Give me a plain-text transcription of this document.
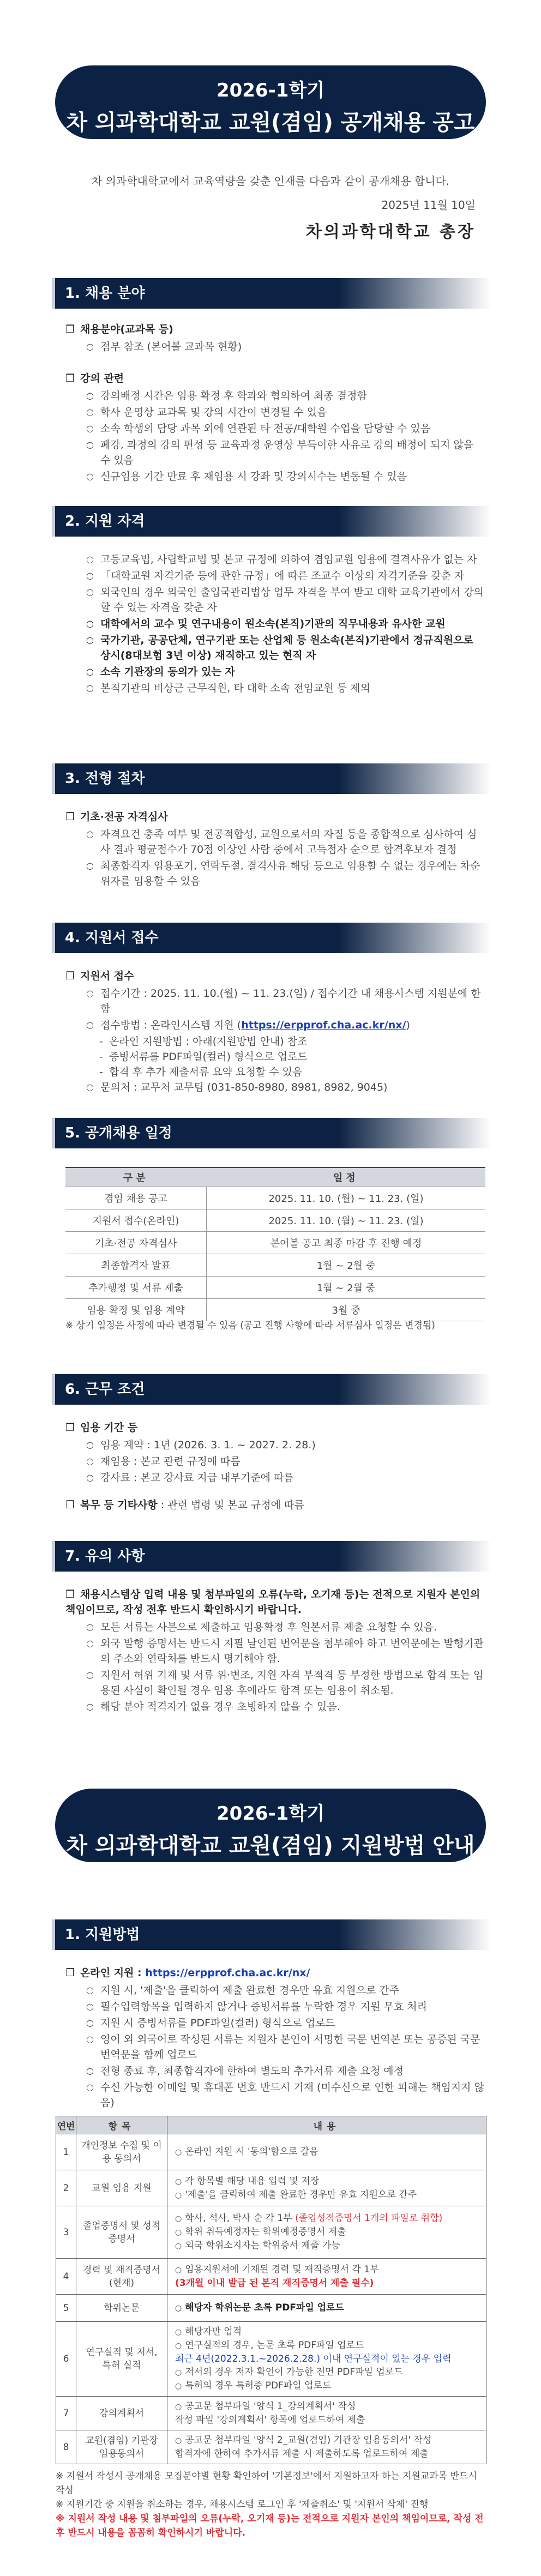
2026-1학기
차 의과학대학교 교원(겸임) 공개채용 공고
차 의과학대학교에서 교육역량을 갖춘 인재를 다음과 같이 공개채용 합니다.
2025년 11월 10일
차의과학대학교 총장
1. 채용 분야
❐ 채용분야(교과목 등)
○ 점부 참조 (본어볼 교과목 현황)
❐ 강의 관련
○ 강의배정 시간은 임용 확정 후 학과와 협의하여 최종 결정함
○ 학사 운영상 교과목 및 강의 시간이 변경될 수 있음
○ 소속 학생의 담당 과목 외에 연관된 타 전공/대학원 수업을 담당할 수 있음
○ 폐강, 과정의 강의 편성 등 교육과정 운영상 부득이한 사유로 강의 배정이 되지 않을 수 있음
○ 신규임용 기간 만료 후 재임용 시 강좌 및 강의시수는 변동될 수 있음
2. 지원 자격
○ 고등교육법, 사립학교법 및 본교 규정에 의하여 겸임교원 임용에 결격사유가 없는 자
○ 「대학교원 자격기준 등에 관한 규정」에 따른 조교수 이상의 자격기준을 갖춘 자
○ 외국인의 경우 외국인 출입국관리법상 업무 자격을 부여 받고 대학 교육기관에서 강의할 수 있는 자격을 갖춘 자
○ 대학에서의 교수 및 연구내용이 원소속(본직)기관의 직무내용과 유사한 교원
○ 국가기관, 공공단체, 연구기관 또는 산업체 등 원소속(본직)기관에서 정규직원으로 상시(8대보험 3년 이상) 재직하고 있는 현직 자
○ 소속 기관장의 동의가 있는 자
○ 본직기관의 비상근 근무직원, 타 대학 소속 전임교원 등 제외
3. 전형 절차
❐ 기초·전공 자격심사
○ 자격요건 충족 여부 및 전공적합성, 교원으로서의 자질 등을 종합적으로 심사하여 심사 결과 평균점수가 70점 이상인 사람 중에서 고득점자 순으로 합격후보자 결정
○ 최종합격자 임용포기, 연락두절, 결격사유 해당 등으로 임용할 수 없는 경우에는 차순위자를 임용할 수 있음
4. 지원서 접수
❐ 지원서 접수
○ 접수기간 : 2025. 11. 10.(월) ~ 11. 23.(일) / 접수기간 내 채용시스템 지원분에 한함
○ 접수방법 : 온라인시스템 지원 (https://erpprof.cha.ac.kr/nx/)
- 온라인 지원방법 : 아래(지원방법 안내) 참조
- 증빙서류를 PDF파일(컬러) 형식으로 업로드
- 합격 후 추가 제출서류 요약 요청할 수 있음
○ 문의처 : 교무처 교무팀 (031-850-8980, 8981, 8982, 9045)
5. 공개채용 일정
구분	일정
겸임 채용 공고	2025. 11. 10. (월) ~ 11. 23. (일)
지원서 접수(온라인)	2025. 11. 10. (월) ~ 11. 23. (일)
기초·전공 자격심사	본어볼 공고 최종 마감 후 진행 예정
최종합격자 발표	1월 ~ 2월 중
추가행정 및 서류 제출	1월 ~ 2월 중
임용 확정 및 임용 계약	3월 중
※ 상기 일정은 사정에 따라 변경될 수 있음 (공고 진행 사항에 따라 서류심사 일정은 변경됨)
6. 근무 조건
❐ 임용 기간 등
○ 임용 계약 : 1년 (2026. 3. 1. ~ 2027. 2. 28.)
○ 재임용 : 본교 관련 규정에 따름
○ 강사료 : 본교 강사료 지급 내부기준에 따름
❐ 복무 등 기타사항 : 관련 법령 및 본교 규정에 따름
7. 유의 사항
❐ 채용시스템상 입력 내용 및 첨부파일의 오류(누락, 오기재 등)는 전적으로 지원자 본인의 책임이므로, 작성 전후 반드시 확인하시기 바랍니다.
○ 모든 서류는 사본으로 제출하고 임용확정 후 원본서류 제출 요청할 수 있음.
○ 외국 발행 증명서는 반드시 지필 날인된 번역문을 첨부해야 하고 번역문에는 발행기관의 주소와 연락처를 반드시 명기해야 함.
○ 지원서 허위 기재 및 서류 위·변조, 지원 자격 부적격 등 부정한 방법으로 합격 또는 임용된 사실이 확인될 경우 임용 후에라도 합격 또는 임용이 취소됨.
○ 해당 분야 적격자가 없을 경우 초빙하지 않을 수 있음.
2026-1학기
차 의과학대학교 교원(겸임) 지원방법 안내
1. 지원방법
❐ 온라인 지원 : https://erpprof.cha.ac.kr/nx/
○ 지원 시, '제출'을 클릭하여 제출 완료한 경우만 유효 지원으로 간주
○ 필수입력항목을 입력하지 않거나 증빙서류를 누락한 경우 지원 무효 처리
○ 지원 시 증빙서류를 PDF파일(컬러) 형식으로 업로드
○ 영어 외 외국어로 작성된 서류는 지원자 본인이 서명한 국문 번역본 또는 공증된 국문 번역문을 함께 업로드
○ 전형 종료 후, 최종합격자에 한하여 별도의 추가서류 제출 요청 예정
○ 수신 가능한 이메일 및 휴대폰 번호 반드시 기재 (미수신으로 인한 피해는 책임지지 않음)
연번	항목	내용
1	개인정보 수집 및 이용 동의서	○ 온라인 지원 시 '동의'함으로 갈음

2	교원 임용 지원	○ 각 항목별 해당 내용 입력 및 저장
○ '제출'을 클릭하여 제출 완료한 경우만 유효 지원으로 간주

3	졸업증명서 및 성적증명서	○ 학사, 석사, 박사 순 각 1부 (졸업성적증명서 1개의 파일로 취합)
○ 학위 취득예정자는 학위예정증명서 제출
○ 외국 학위소지자는 학위증서 제출 가능

4	경력 및 재직증명서(현재)	○ 임용지원서에 기재된 경력 및 재직증명서 각 1부
(3개월 이내 발급 된 본직 재직증명서 제출 필수)

5	학위논문	○ 해당자 학위논문 초록 PDF파일 업로드

6	연구실적 및 저서, 특허 실적	○ 해당자만 업적
○ 연구실적의 경우, 논문 초록 PDF파일 업로드
최근 4년(2022.3.1.~2026.2.28.) 이내 연구실적이 있는 경우 입력
○ 저서의 경우 저자 확인이 가능한 전면 PDF파일 업로드
○ 특허의 경우 특허증 PDF파일 업로드

7	강의계획서	○ 공고문 첨부파일 '양식 1_강의계획서' 작성
작성 파일 '강의계획서' 항목에 업로드하여 제출

8	교원(겸임) 기관장 임용동의서	○ 공고문 첨부파일 '양식 2_교원(겸임) 기관장 임용동의서' 작성
합격자에 한하여 추가서류 제출 시 제출하도록 업로드하여 제출
※ 지원서 작성시 공개채용 모집분야별 현황 확인하여 '기본정보'에서 지원하고자 하는 지원교과목 반드시 작성
※ 지원기간 중 지원을 취소하는 경우, 채용시스템 로그인 후 '제출취소' 및 '지원서 삭제' 진행
※ 지원서 작성 내용 및 첨부파일의 오류(누락, 오기재 등)는 전적으로 지원자 본인의 책임이므로, 작성 전후 반드시 내용을 꼼꼼히 확인하시기 바랍니다.
